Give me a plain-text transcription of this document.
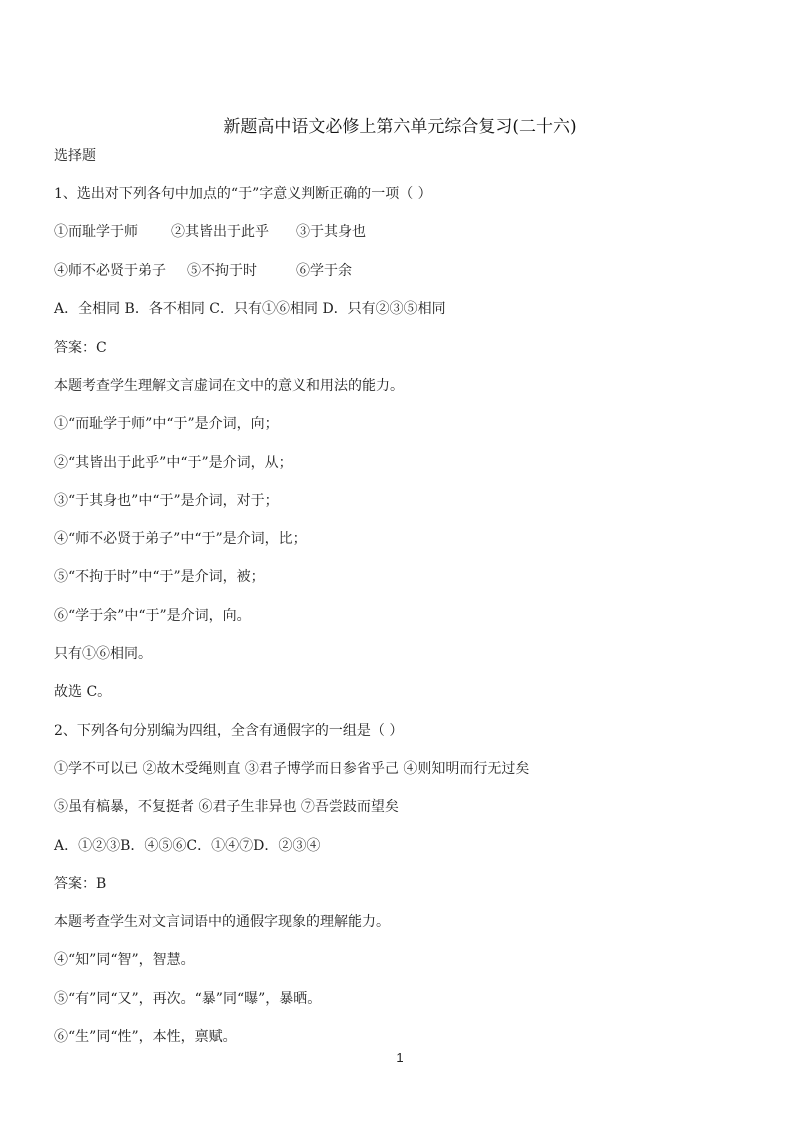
新题高中语文必修上第六单元综合复习(二十六)
选择题
1、选出对下列各句中加点的“于”字意义判断正确的一项（ ）
①而耻学于师 ②其皆出于此乎 ③于其身也
④师不必贤于弟子 ⑤不拘于时	⑥学于余
A．全相同 B．各不相同 C．只有①⑥相同 D．只有②③⑤相同
答案：C
本题考查学生理解文言虚词在文中的意义和用法的能力。
①“而耻学于师”中“于”是介词，向；
②“其皆出于此乎”中“于”是介词，从；
③“于其身也”中“于”是介词，对于；
④“师不必贤于弟子”中“于”是介词，比；
⑤“不拘于时”中“于”是介词，被；
⑥“学于余”中“于”是介词，向。
只有①⑥相同。
故选 C。
2、下列各句分别编为四组，全含有通假字的一组是（ ）
①学不可以已 ②故木受绳则直 ③君子博学而日参省乎己 ④则知明而行无过矣
⑤虽有槁暴，不复挺者 ⑥君子生非异也 ⑦吾尝跂而望矣
A．①②③B．④⑤⑥C．①④⑦D．②③④
答案：B
本题考查学生对文言词语中的通假字现象的理解能力。
④“知”同“智”，智慧。
⑤“有”同“又”，再次。“暴”同“曝”，暴晒。
⑥“生”同“性”，本性，禀赋。
1
